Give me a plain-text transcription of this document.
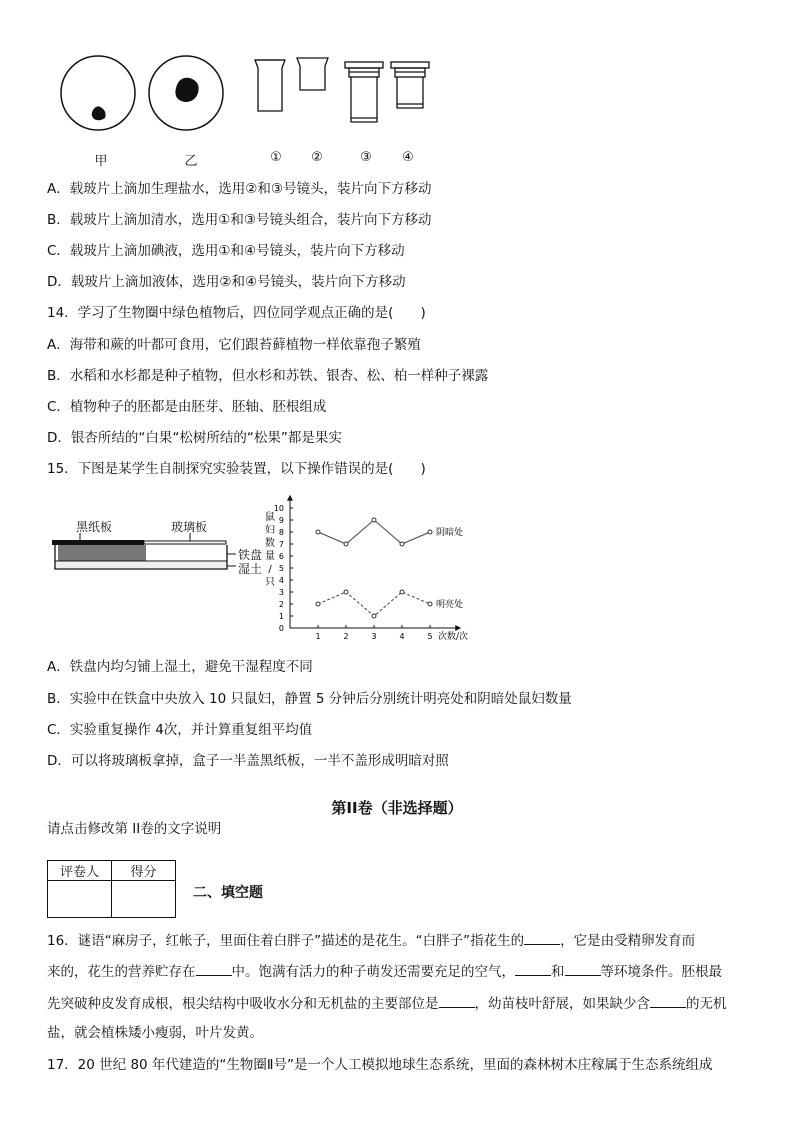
甲	乙	①	②	③	④
A．载玻片上滴加生理盐水，选用②和③号镜头，装片向下方移动
B．载玻片上滴加清水，选用①和③号镜头组合，装片向下方移动
C．载玻片上滴加碘液，选用①和④号镜头，装片向下方移动
D．载玻片上滴加液体，选用②和④号镜头，装片向下方移动
14．学习了生物圈中绿色植物后，四位同学观点正确的是(　　)
A．海带和蕨的叶都可食用，它们跟苔藓植物一样依靠孢子繁殖
B．水稻和水杉都是种子植物，但水杉和苏铁、银杏、松、柏一样种子裸露
C．植物种子的胚都是由胚芽、胚轴、胚根组成
D．银杏所结的“白果“松树所结的“松果”都是果实
15．下图是某学生自制探究实验装置，以下操作错误的是(　　)
黑纸板	玻璃板
铁盘
湿土
0
1
2
3
4
5
6
7
8
9
10
1	2	3	4	5 次数/次
鼠
妇
数
量
/
只
阴暗处
明亮处
A．铁盘内均匀铺上湿土，避免干湿程度不同
B．实验中在铁盒中央放入 10 只鼠妇，静置 5 分钟后分别统计明亮处和阴暗处鼠妇数量
C．实验重复操作 4次，并计算重复组平均值
D．可以将玻璃板拿掉，盒子一半盖黑纸板，一半不盖形成明暗对照
第II卷（非选择题）
请点击修改第 II卷的文字说明
评卷人	得分

二、填空题
16．谜语“麻房子，红帐子，里面住着白胖子”描述的是花生。“白胖子”指花生的	，它是由受精卵发育而
来的，花生的营养贮存在	中。饱满有活力的种子萌发还需要充足的空气，	和	等环境条件。胚根最
先突破种皮发育成根，根尖结构中吸收水分和无机盐的主要部位是	，幼苗枝叶舒展，如果缺少含	的无机
盐，就会植株矮小瘦弱，叶片发黄。
17．20 世纪 80 年代建造的“生物圈Ⅱ号”是一个人工模拟地球生态系统，里面的森林树木庄稼属于生态系统组成
